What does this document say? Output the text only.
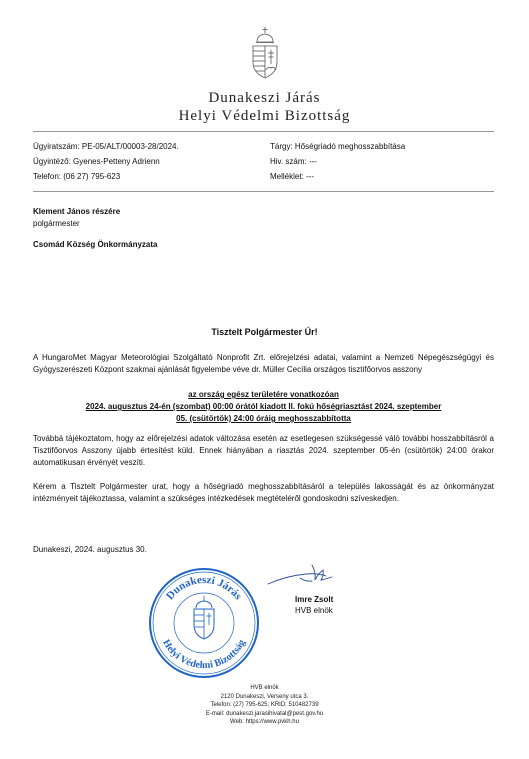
Dunakeszi Járás
Helyi Védelmi Bizottság
Ügyiratszám: PE-05/ALT/00003-28/2024.
Ügyintéző: Gyenes-Petteny Adrienn
Telefon: (06 27) 795-623
Tárgy: Hőségriadó meghosszabbítása
Hiv. szám: ---
Melléklet: ---
Klement János részére
polgármester
Csomád Község Önkormányzata
Tisztelt Polgármester Úr!
A HungaroMet Magyar Meteorológiai Szolgáltató Nonprofit Zrt. előrejelzési adatai, valamint a Nemzeti Népegészségügyi és Gyógyszerészeti Központ szakmai ajánlását figyelembe véve dr. Müller Cecília országos tisztifőorvos asszony
az ország egész területére vonatkozóan
2024. augusztus 24-én (szombat) 00:00 órától kiadott II. fokú hőségriasztást 2024. szeptember
05. (csütörtök) 24:00 óráig meghosszabbította
Továbbá tájékoztatom, hogy az előrejelzési adatok változása esetén az esetlegesen szükségessé váló további hosszabbításról a Tisztifőorvos Asszony újabb értesítést küld. Ennek hiányában a riasztás 2024. szeptember 05-én (csütörtök) 24:00 órakor automatikusan érvényét veszíti.
Kérem a Tisztelt Polgármester urat, hogy a hőségriadó meghosszabbításáról a település lakosságát és az önkormányzat intézményeit tájékoztassa, valamint a szükséges intézkedések megtételéről gondoskodni szíveskedjen.
Dunakeszi, 2024. augusztus 30.
Imre Zsolt
HVB elnök
Dunakeszi Járás
Helyi Védelmi Bizottság
HVB elnök
2120 Dunakeszi, Verseny utca 3.
Telefon: (27) 795-625; KRID: 510482739
E-mail: dunakeszi.jarasihivatal@pest.gov.hu
Web: https://www.pvkh.hu
